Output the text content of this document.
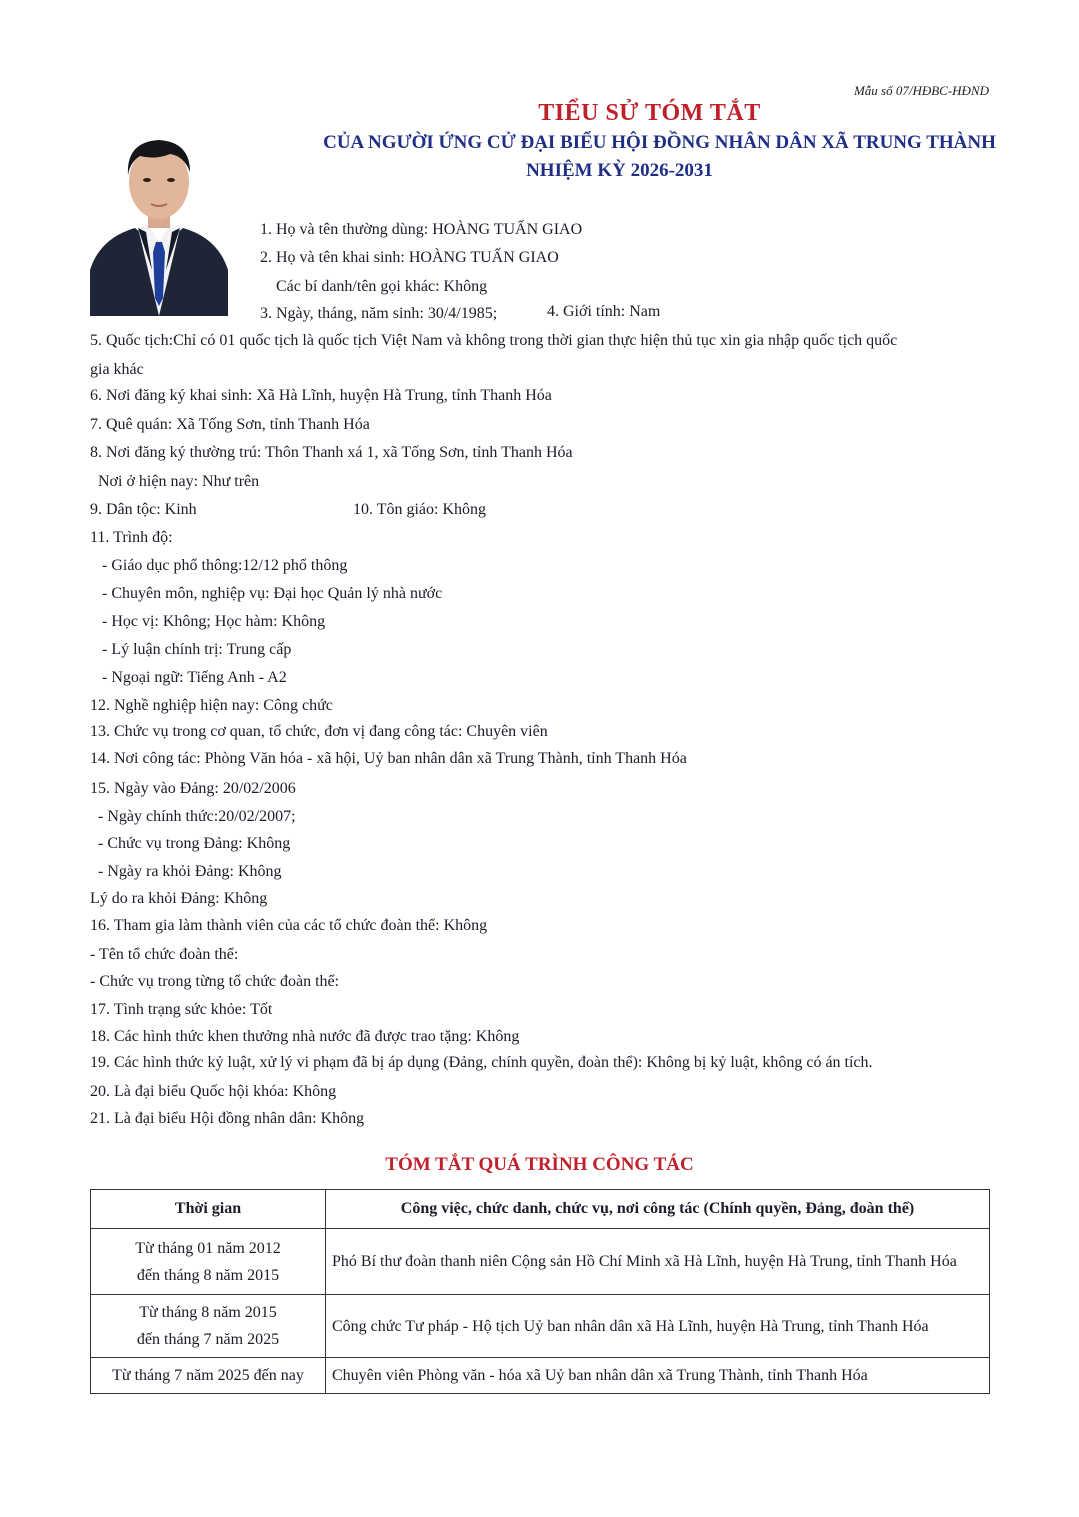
Mẫu số 07/HĐBC-HĐND
TIỂU SỬ TÓM TẮT
CỦA NGƯỜI ỨNG CỬ ĐẠI BIỂU HỘI ĐỒNG NHÂN DÂN XÃ TRUNG THÀNH
NHIỆM KỲ 2026-2031
1. Họ và tên thường dùng: HOÀNG TUẤN GIAO
2. Họ và tên khai sinh: HOÀNG TUẤN GIAO
Các bí danh/tên gọi khác: Không
3. Ngày, tháng, năm sinh: 30/4/1985;	4. Giới tính: Nam
5. Quốc tịch:Chỉ có 01 quốc tịch là quốc tịch Việt Nam và không trong thời gian thực hiện thủ tục xin gia nhập quốc tịch quốc
gia khác
6. Nơi đăng ký khai sinh: Xã Hà Lĩnh, huyện Hà Trung, tỉnh Thanh Hóa
7. Quê quán: Xã Tống Sơn, tỉnh Thanh Hóa
8. Nơi đăng ký thường trú: Thôn Thanh xá 1, xã Tống Sơn, tỉnh Thanh Hóa
Nơi ở hiện nay: Như trên
9. Dân tộc: Kinh	10. Tôn giáo: Không
11. Trình độ:
- Giáo dục phổ thông:12/12 phổ thông
- Chuyên môn, nghiệp vụ: Đại học Quản lý nhà nước
- Học vị: Không; Học hàm: Không
- Lý luận chính trị: Trung cấp
- Ngoại ngữ: Tiếng Anh - A2
12. Nghề nghiệp hiện nay: Công chức
13. Chức vụ trong cơ quan, tổ chức, đơn vị đang công tác: Chuyên viên
14. Nơi công tác: Phòng Văn hóa - xã hội, Uỷ ban nhân dân xã Trung Thành, tỉnh Thanh Hóa
15. Ngày vào Đảng: 20/02/2006
- Ngày chính thức:20/02/2007;
- Chức vụ trong Đảng: Không
- Ngày ra khỏi Đảng: Không
Lý do ra khỏi Đảng: Không
16. Tham gia làm thành viên của các tổ chức đoàn thể: Không
- Tên tổ chức đoàn thể:
- Chức vụ trong từng tổ chức đoàn thể:
17. Tình trạng sức khỏe: Tốt
18. Các hình thức khen thưởng nhà nước đã được trao tặng: Không
19. Các hình thức kỷ luật, xử lý vi phạm đã bị áp dụng (Đảng, chính quyền, đoàn thể): Không bị kỷ luật, không có án tích.
20. Là đại biểu Quốc hội khóa: Không
21. Là đại biểu Hội đồng nhân dân: Không
TÓM TẮT QUÁ TRÌNH CÔNG TÁC
Thời gian	Công việc, chức danh, chức vụ, nơi công tác (Chính quyền, Đảng, đoàn thể)

Từ tháng 01 năm 2012
đến tháng 8 năm 2015	Phó Bí thư đoàn thanh niên Cộng sản Hồ Chí Minh xã Hà Lĩnh, huyện Hà Trung, tỉnh Thanh Hóa

Từ tháng 8 năm 2015
đến tháng 7 năm 2025	Công chức Tư pháp - Hộ tịch Uỷ ban nhân dân xã Hà Lĩnh, huyện Hà Trung, tỉnh Thanh Hóa

Từ tháng 7 năm 2025 đến nay	Chuyên viên Phòng văn - hóa xã Uỷ ban nhân dân xã Trung Thành, tỉnh Thanh Hóa
